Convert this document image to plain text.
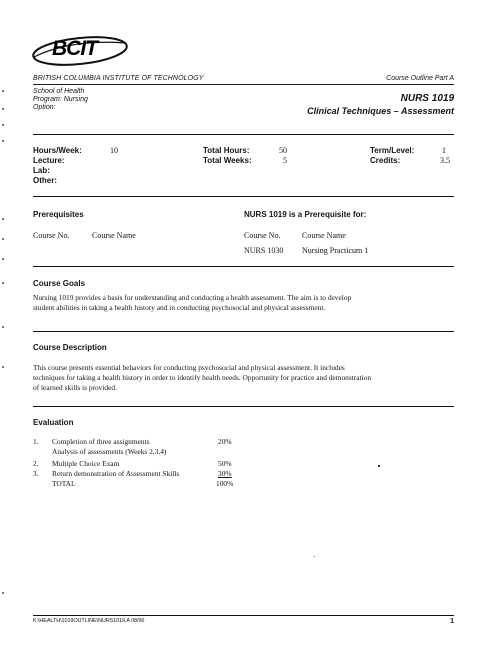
BCIT
BRITISH COLUMBIA INSTITUTE OF TECHNOLOGY	Course Outline Part A
School of Health
Program: Nursing
Option:
NURS 1019
Clinical Techniques – Assessment
Hours/Week:	10
Lecture:
Lab:
Other:
Total Hours:	50
Total Weeks:	5
Term/Level:	1
Credits:	3.5
Prerequisites
Course No.	Course Name
NURS 1019 is a Prerequisite for:
Course No.	Course Name
NURS 1030 Nursing Practicum 1
Course Goals
Nursing 1019 provides a basis for understanding and conducting a health assessment. The aim is to develop
student abilities in taking a health history and in conducting psychosocial and physical assessment.
Course Description
This course presents essential behaviors for conducting psychosocial and physical assessment. It includes
techniques for taking a health history in order to identify health needs. Opportunity for practice and demonstration
of learned skills is provided.
Evaluation
1. Completion of three assignments	20%
Analysis of assessments (Weeks 2,3,4)
2. Multiple Choice Exam	50%
3. Return demonstration of Assessment Skills	30%
TOTAL	100%
K:\HEALTH\1019OUTLINE\NURS1019.A 08/96	1
